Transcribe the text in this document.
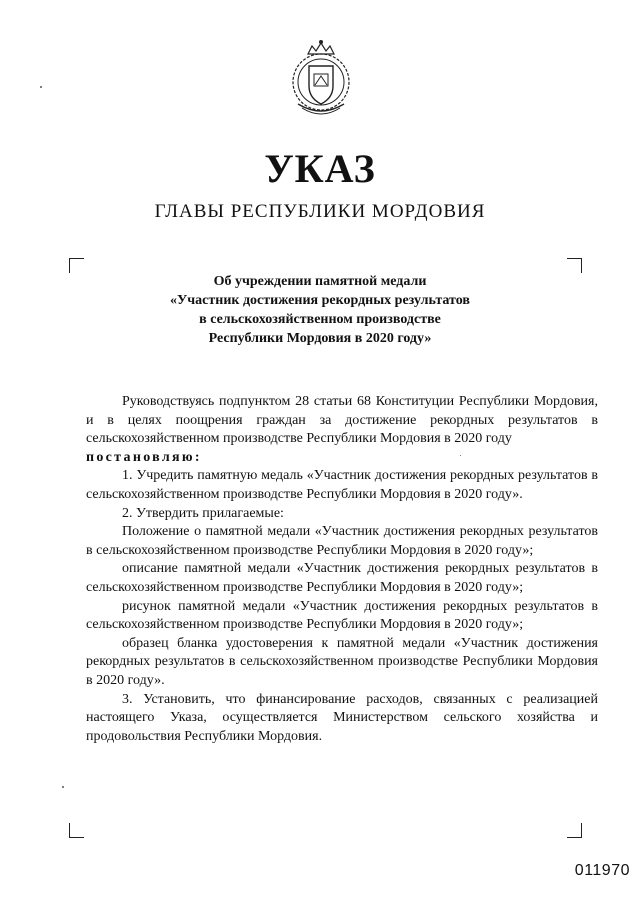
УКАЗ
ГЛАВЫ РЕСПУБЛИКИ МОРДОВИЯ
Об учреждении памятной медали
«Участник достижения рекордных результатов
в сельскохозяйственном производстве
Республики Мордовия в 2020 году»

Руководствуясь подпунктом 28 статьи 68 Конституции Республики Мордовия, и в целях поощрения граждан за достижение рекордных результатов в сельскохозяйственном производстве Республики Мордовия в 2020 году

постановляю:

1. Учредить памятную медаль «Участник достижения рекордных результатов в сельскохозяйственном производстве Республики Мордовия в 2020 году».

2. Утвердить прилагаемые:

Положение о памятной медали «Участник достижения рекордных результатов в сельскохозяйственном производстве Республики Мордовия в 2020 году»;

описание памятной медали «Участник достижения рекордных результатов в сельскохозяйственном производстве Республики Мордовия в 2020 году»;

рисунок памятной медали «Участник достижения рекордных результатов в сельскохозяйственном производстве Республики Мордовия в 2020 году»;

образец бланка удостоверения к памятной медали «Участник достижения рекордных результатов в сельскохозяйственном производстве Республики Мордовия в 2020 году».

3. Установить, что финансирование расходов, связанных с реализацией настоящего Указа, осуществляется Министерством сельского хозяйства и продовольствия Республики Мордовия.

011970
